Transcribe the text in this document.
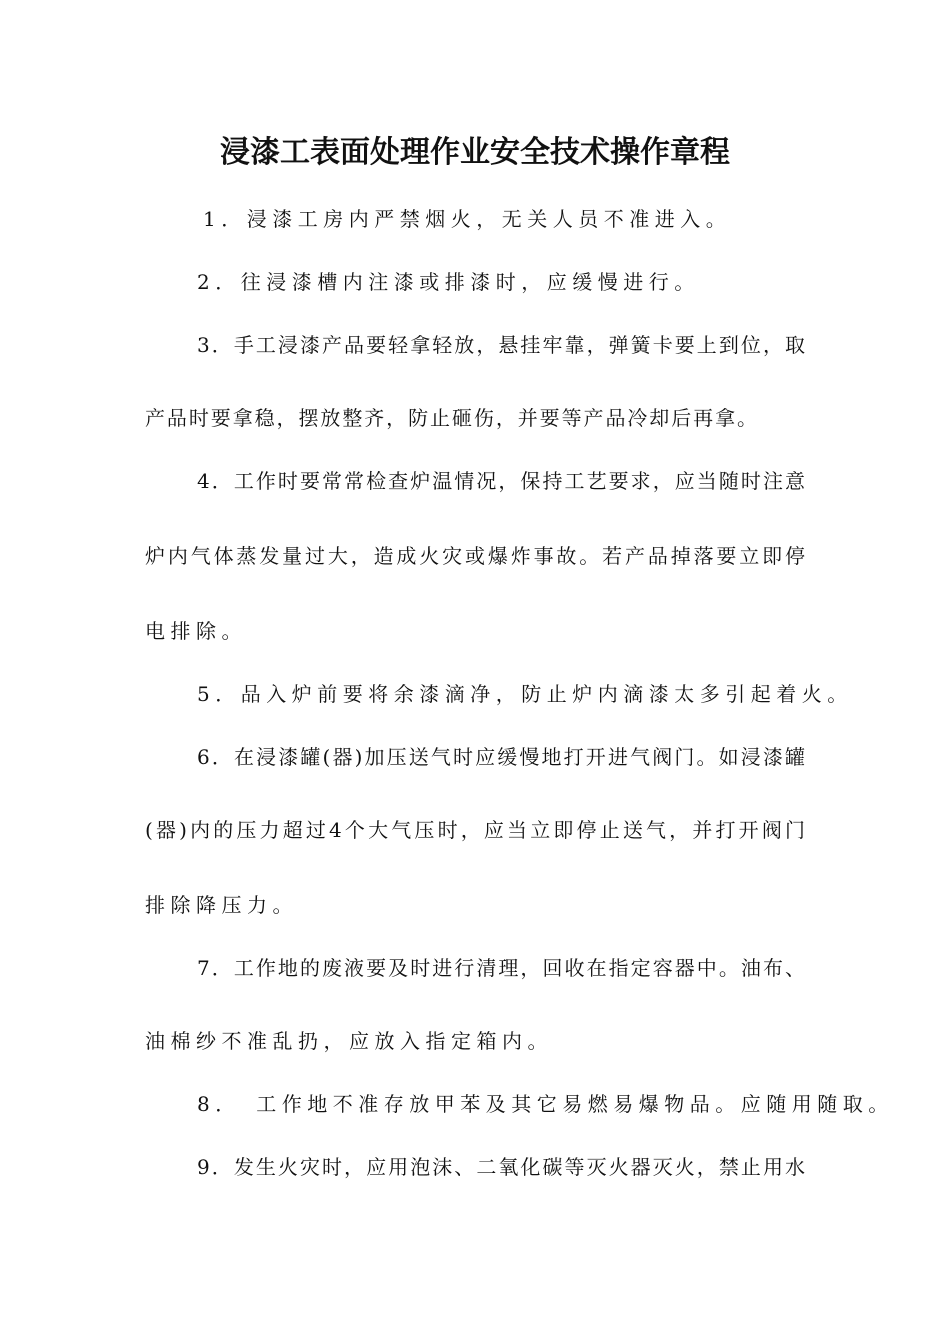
浸漆工表面处理作业安全技术操作章程
1．浸漆工房内严禁烟火，无关人员不准进入。
2．往浸漆槽内注漆或排漆时，应缓慢进行。
3．手工浸漆产品要轻拿轻放，悬挂牢靠，弹簧卡要上到位，取
产品时要拿稳，摆放整齐，防止砸伤，并要等产品冷却后再拿。
4．工作时要常常检查炉温情况，保持工艺要求，应当随时注意
炉内气体蒸发量过大，造成火灾或爆炸事故。若产品掉落要立即停
电排除。
5．品入炉前要将余漆滴净，防止炉内滴漆太多引起着火。
6．在浸漆罐(器)加压送气时应缓慢地打开进气阀门。如浸漆罐
(器)内的压力超过4个大气压时，应当立即停止送气，并打开阀门
排除降压力。
7．工作地的废液要及时进行清理，回收在指定容器中。油布、
油棉纱不准乱扔，应放入指定箱内。
8．　工作地不准存放甲苯及其它易燃易爆物品。应随用随取。
9．发生火灾时，应用泡沫、二氧化碳等灭火器灭火，禁止用水
